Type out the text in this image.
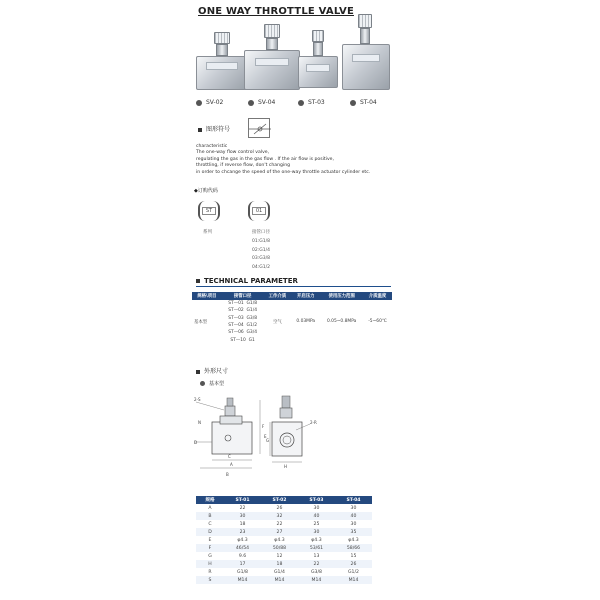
ONE WAY THROTTLE VALVE
SV-02	SV-04	ST-03	ST-04
图形符号
characteristic
The one-way flow control valve,
regulating the gas in the gas flow . If the air flow is positive,
throttling, if reverse flow, don't changing
in order to chcange the speed of the one-way throttle actuator cylinder etc.
◆订购代码
ST	01
系列	接管口径
01:G1/8
02:G1/4
03:G3/8
04:G1/2
TECHNICAL PARAMETER
规格\项目	接管口径	工作介质	开启压力	使用压力范围	介质温度
基本型	ST—01 G1/8	空气	0.03MPa	0.05~0.8MPa	-5~60℃
	ST—02 G1/4				
	ST—03 G3/8				
	ST—04 G1/2				
	ST—06 G3/4				
	ST—10 G1				
外形尺寸
基本型
2-S
N
D
F
E
C
A
B
2-R
G
H
规格	ST-01	ST-02	ST-03	ST-04
A	22	26	30	30
B	30	32	40	40
C	18	22	25	30
D	23	27	30	35
E	φ4.3	φ4.3	φ4.3	φ4.3
F	46/54	50/88	53/61	58/66
G	9.6	12	13	15
H	17	18	22	26
R	G1/8	G1/4	G3/8	G1/2
S	M14	M14	M14	M14
